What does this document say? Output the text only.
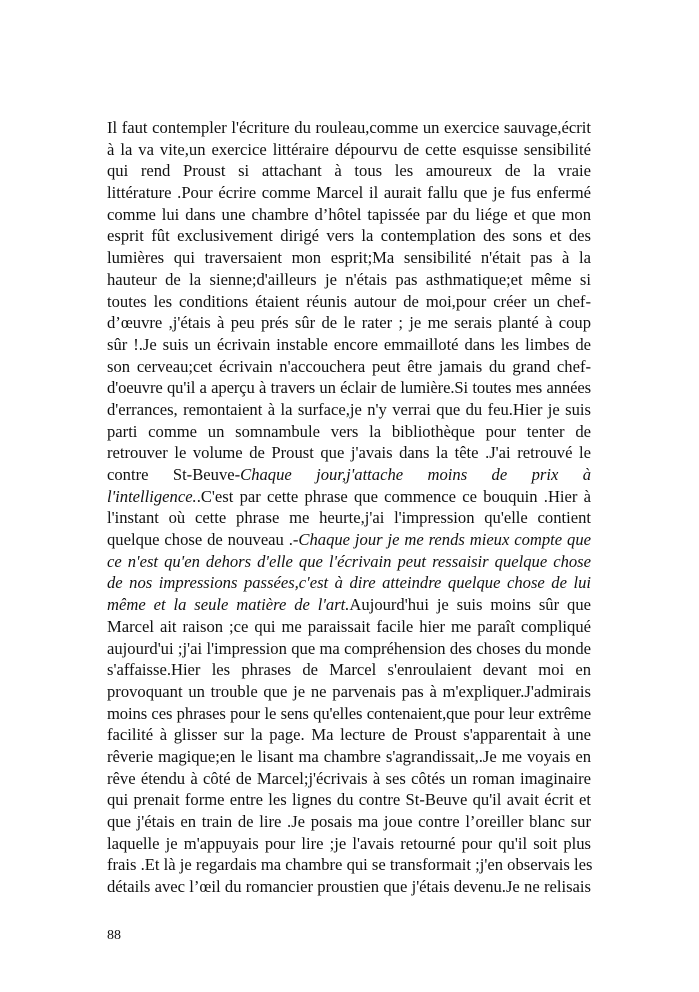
Il faut contempler l'écriture du rouleau,comme un exercice sauvage,écrit
à la va vite,un exercice littéraire dépourvu de cette esquisse sensibilité
qui rend Proust si attachant à tous les amoureux de la vraie
littérature .Pour écrire comme Marcel il aurait fallu que je fus enfermé
comme lui dans une chambre d’hôtel tapissée par du liége et que mon
esprit fût exclusivement dirigé vers la contemplation des sons et des
lumières qui traversaient mon esprit;Ma sensibilité n'était pas à la
hauteur de la sienne;d'ailleurs je n'étais pas asthmatique;et même si
toutes les conditions étaient réunis autour de moi,pour créer un chef-
d’œuvre ,j'étais à peu prés sûr de le rater ; je me serais planté à coup
sûr !.Je suis un écrivain instable encore emmailloté dans les limbes de
son cerveau;cet écrivain n'accouchera peut être jamais du grand chef-
d'oeuvre qu'il a aperçu à travers un éclair de lumière.Si toutes mes années
d'errances, remontaient à la surface,je n'y verrai que du feu.Hier je suis
parti comme un somnambule vers la bibliothèque pour tenter de
retrouver le volume de Proust que j'avais dans la tête .J'ai retrouvé le
contre St-Beuve-Chaque jour,j'attache moins de prix à
l'intelligence..C'est par cette phrase que commence ce bouquin .Hier à
l'instant où cette phrase me heurte,j'ai l'impression qu'elle contient
quelque chose de nouveau .-Chaque jour je me rends mieux compte que
ce n'est qu'en dehors d'elle que l'écrivain peut ressaisir quelque chose
de nos impressions passées,c'est à dire atteindre quelque chose de lui
même et la seule matière de l'art.Aujourd'hui je suis moins sûr que
Marcel ait raison ;ce qui me paraissait facile hier me paraît compliqué
aujourd'ui ;j'ai l'impression que ma compréhension des choses du monde
s'affaisse.Hier les phrases de Marcel s'enroulaient devant moi en
provoquant un trouble que je ne parvenais pas à m'expliquer.J'admirais
moins ces phrases pour le sens qu'elles contenaient,que pour leur extrême
facilité à glisser sur la page. Ma lecture de Proust s'apparentait à une
rêverie magique;en le lisant ma chambre s'agrandissait,.Je me voyais en
rêve étendu à côté de Marcel;j'écrivais à ses côtés un roman imaginaire
qui prenait forme entre les lignes du contre St-Beuve qu'il avait écrit et
que j'étais en train de lire .Je posais ma joue contre l’oreiller blanc sur
laquelle je m'appuyais pour lire ;je l'avais retourné pour qu'il soit plus
frais .Et là je regardais ma chambre qui se transformait ;j'en observais les
détails avec l’œil du romancier proustien que j'étais devenu.Je ne relisais
88
